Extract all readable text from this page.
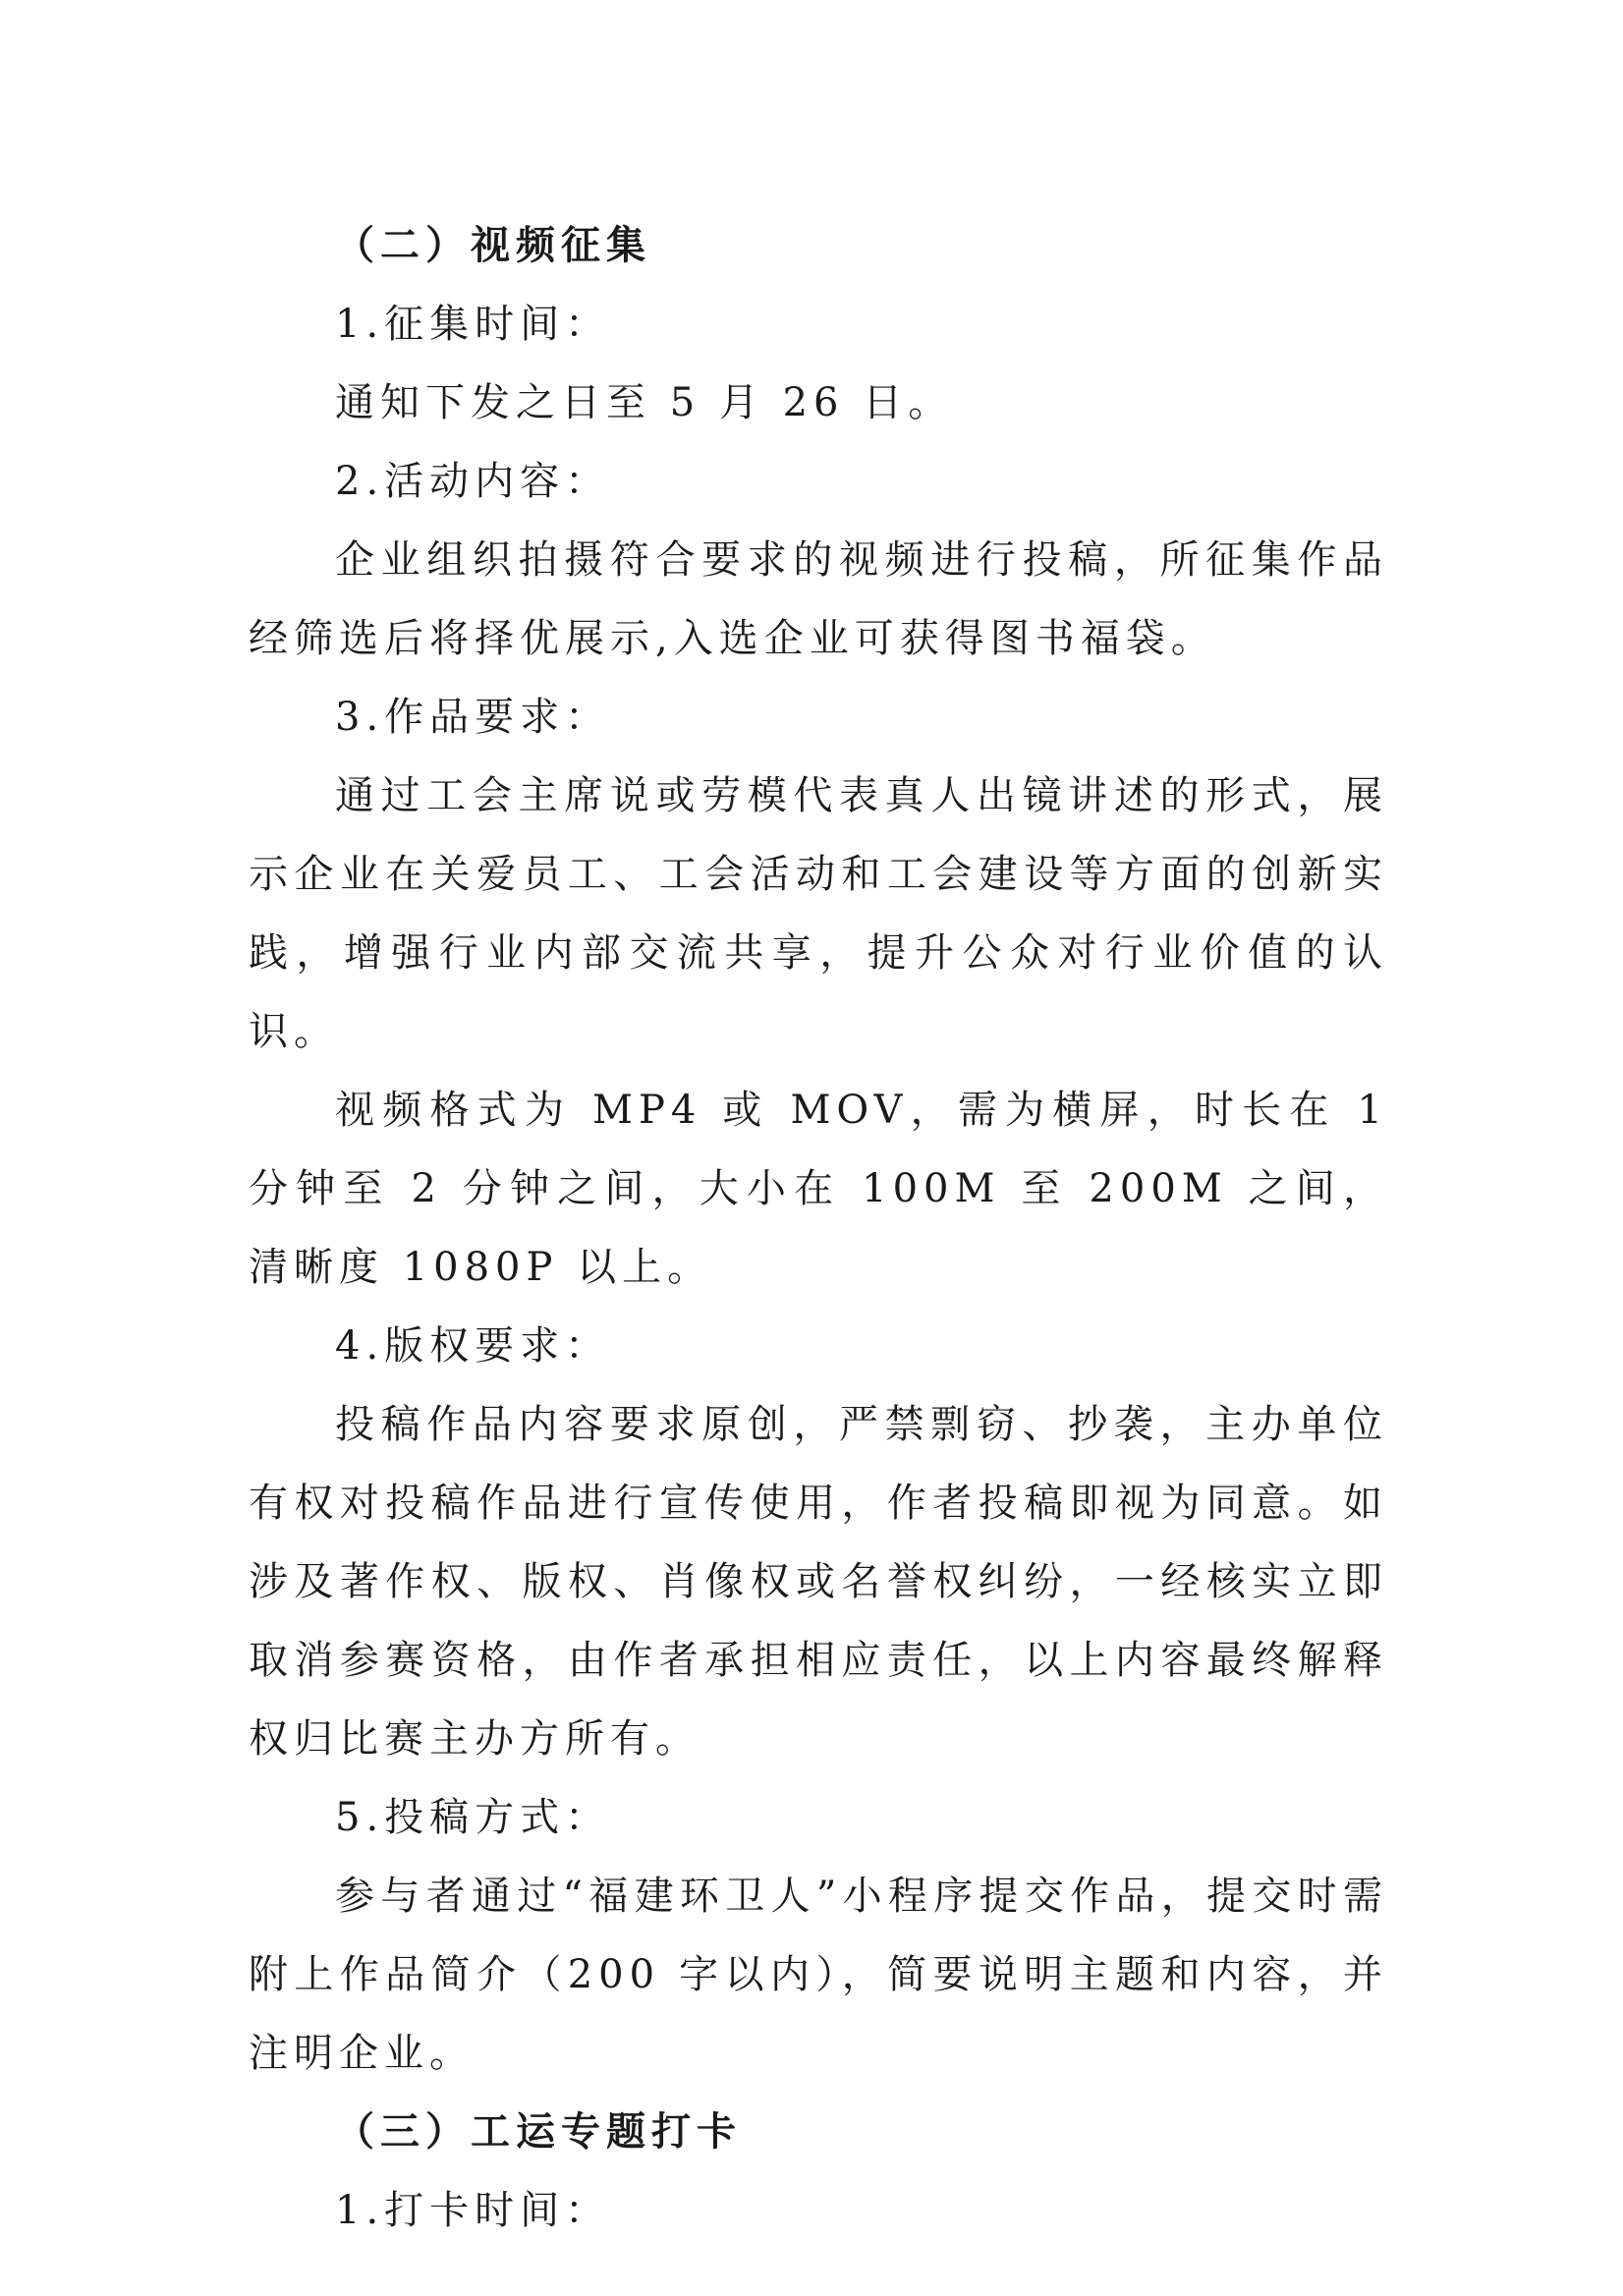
（二）视频征集

1.征集时间：

通知下发之日至 5 月 26 日。

2.活动内容：

企业组织拍摄符合要求的视频进行投稿，所征集作品经筛选后将择优展示,入选企业可获得图书福袋。

3.作品要求：

通过工会主席说或劳模代表真人出镜讲述的形式，展示企业在关爱员工、工会活动和工会建设等方面的创新实践，增强行业内部交流共享，提升公众对行业价值的认识。

视频格式为 MP4 或 MOV，需为横屏，时长在 1 分钟至 2 分钟之间，大小在 100M 至 200M 之间，清晰度 1080P 以上。

4.版权要求：

投稿作品内容要求原创，严禁剽窃、抄袭，主办单位有权对投稿作品进行宣传使用，作者投稿即视为同意。如涉及著作权、版权、肖像权或名誉权纠纷，一经核实立即取消参赛资格，由作者承担相应责任，以上内容最终解释权归比赛主办方所有。

5.投稿方式：

参与者通过“福建环卫人”小程序提交作品，提交时需附上作品简介（200 字以内），简要说明主题和内容，并注明企业。

（三）工运专题打卡

1.打卡时间：
